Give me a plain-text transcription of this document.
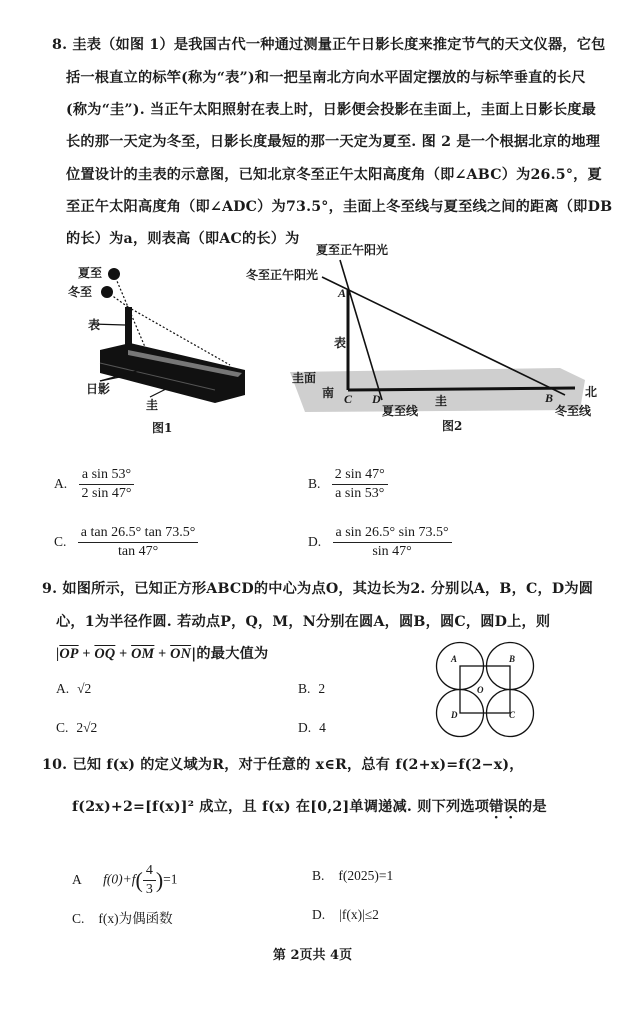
8. 圭表（如图 1）是我国古代一种通过测量正午日影长度来推定节气的天文仪器，它包
括一根直立的标竿(称为“表”)和一把呈南北方向水平固定摆放的与标竿垂直的长尺
(称为“圭”). 当正午太阳照射在表上时，日影便会投影在圭面上，圭面上日影长度最
长的那一天定为冬至，日影长度最短的那一天定为夏至. 图 2 是一个根据北京的地理
位置设计的圭表的示意图，已知北京冬至正午太阳高度角（即∠ABC）为26.5°，夏
至正午太阳高度角（即∠ADC）为73.5°，圭面上冬至线与夏至线之间的距离（即DB
的长）为a，则表高（即AC的长）为
夏至
冬至
表
日影
圭
图1
夏至正午阳光
冬至正午阳光
A
表
圭面
南 C D
夏至线
圭	B	北
冬至线
图2
A. $\frac{\text{a sin 53°}}{2 \sin 47^\circ}$	B. $\frac{2 \sin 47^\circ}{\text{a sin 53°}}$
C. $\frac{\text{a tan 26.5° tan 73.5°}}{\tan 47^\circ}$	D. $\frac{\text{a sin 26.5° sin 73.5°}}{\sin 47^\circ}$
9. 如图所示，已知正方形ABCD的中心为点O，其边长为2. 分别以A，B，C，D为圆
心，1为半径作圆. 若动点P，Q，M，N分别在圆A，圆B，圆C，圆D上，则
$|\overline{OP} + \overline{OQ} + \overline{OM} + \overline{ON}|$的最大值为	A	B
C
D
O
A. √2	B. 2
C. 2√2	D. 4
10. 已知 f(x) 的定义域为R，对于任意的 x∈R，总有 f(2+x)=f(2−x)，
f(2x)+2=[f(x)]² 成立，且 f(x) 在[0,2]单调递减. 则下列选项错误的是
A $f(0)+f( \frac{4}{3} )=1$	B. f(2025)=1
C. f(x)为偶函数	D. |f(x)|≤2
第 2页共 4页
